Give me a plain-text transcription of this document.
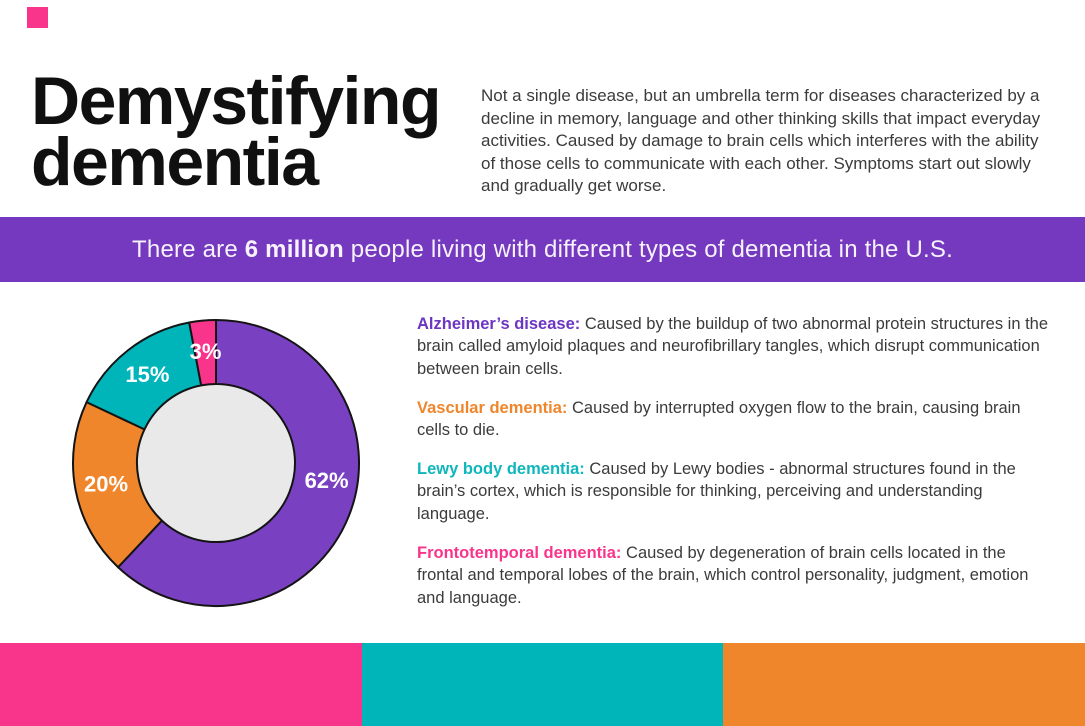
Demystifying
dementia

Not a single disease, but an umbrella term for diseases characterized by a decline in memory, language and other thinking skills that impact everyday activities. Caused by damage to brain cells which interferes with the ability of those cells to communicate with each other. Symptoms start out slowly and gradually get worse.

There are 6 million people living with different types of dementia in the U.S.

62%
20%
15%
3%

Alzheimer’s disease: Caused by the buildup of two abnormal protein structures in the brain called amyloid plaques and neurofibrillary tangles, which disrupt communication between brain cells.

Vascular dementia: Caused by interrupted oxygen flow to the brain, causing brain cells to die.

Lewy body dementia: Caused by Lewy bodies - abnormal structures found in the brain’s cortex, which is responsible for thinking, perceiving and understanding language.

Frontotemporal dementia: Caused by degeneration of brain cells located in the frontal and temporal lobes of the brain, which control personality, judgment, emotion and language.
